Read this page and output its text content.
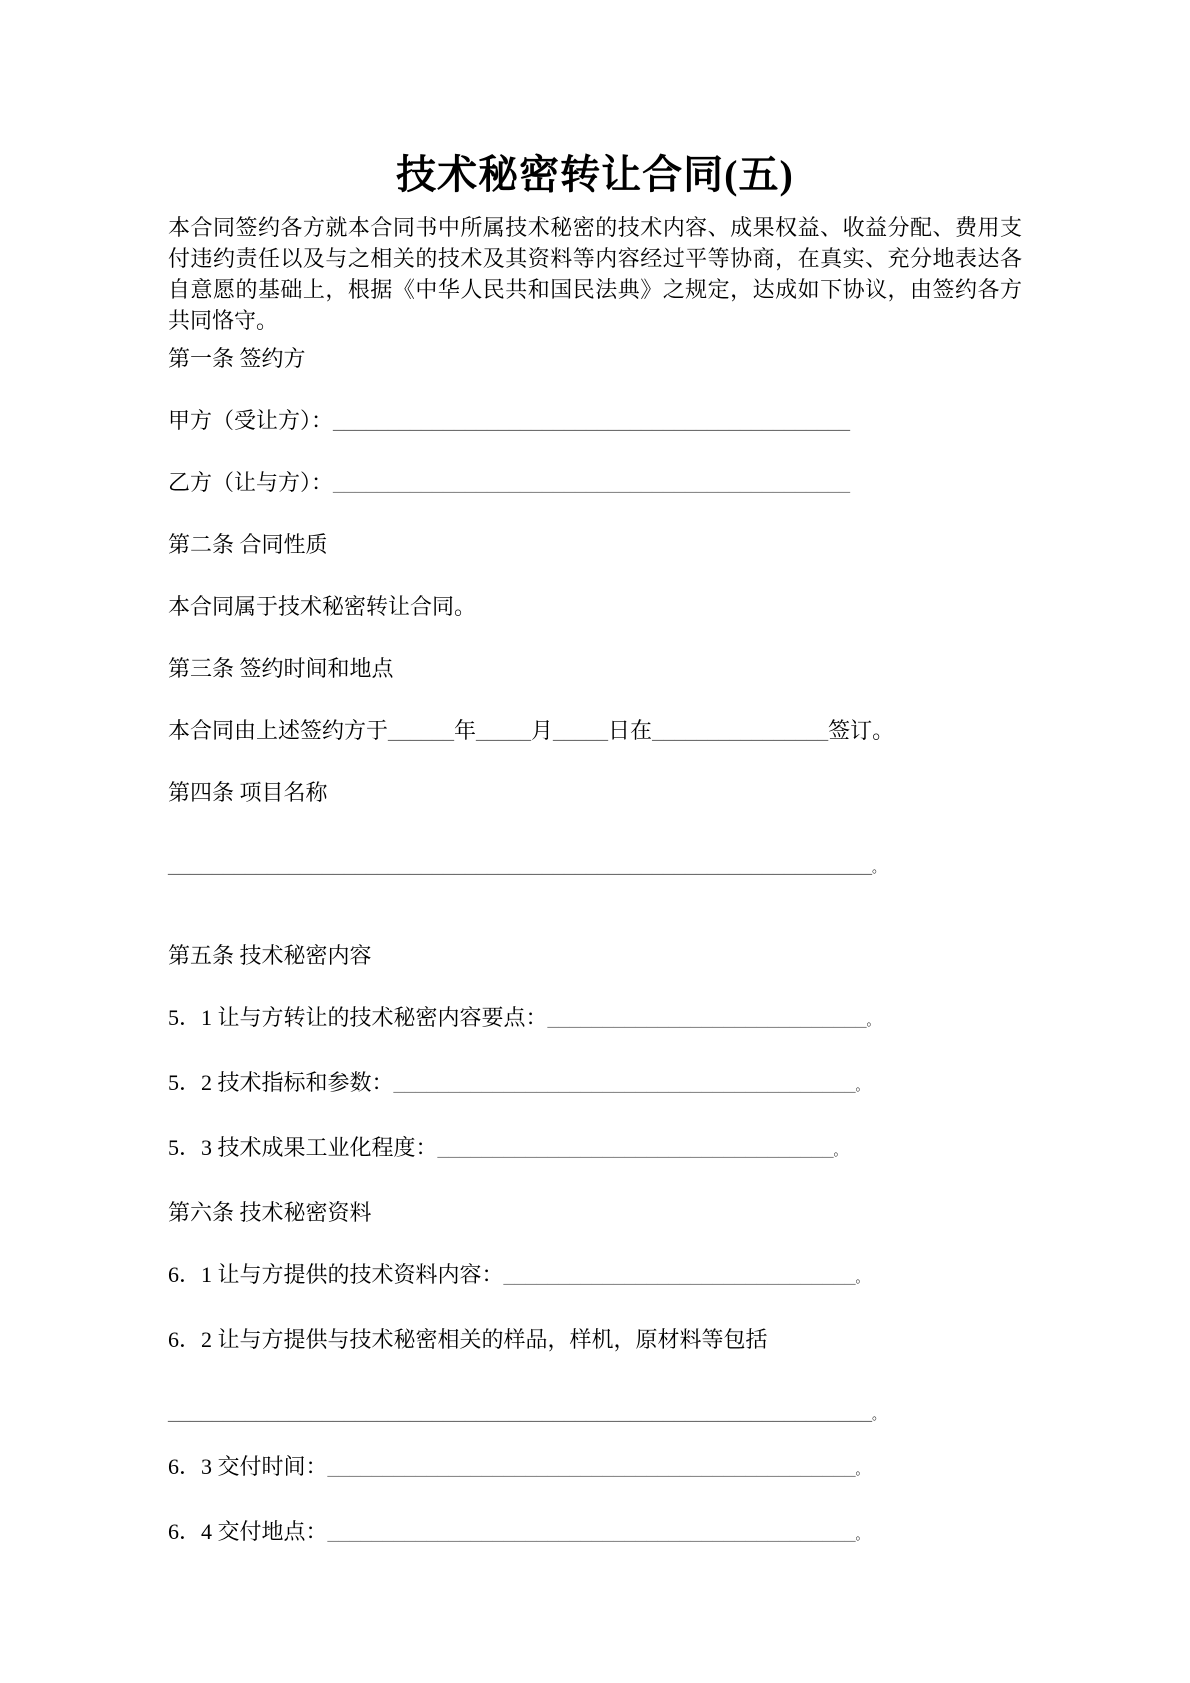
技术秘密转让合同(五)
本合同签约各方就本合同书中所属技术秘密的技术内容、成果权益、收益分配、费用支付违约责任以及与之相关的技术及其资料等内容经过平等协商，在真实、充分地表达各自意愿的基础上，根据《中华人民共和国民法典》之规定，达成如下协议，由签约各方共同恪守。
第一条 签约方
甲方（受让方）：_______________________________________________
乙方（让与方）：_______________________________________________
第二条 合同性质
本合同属于技术秘密转让合同。
第三条 签约时间和地点
本合同由上述签约方于______年_____月_____日在________________签订。
第四条 项目名称
________________________________________________________________。
第五条 技术秘密内容
5．1 让与方转让的技术秘密内容要点：_____________________________。
5．2 技术指标和参数：__________________________________________。
5．3 技术成果工业化程度：____________________________________。
第六条 技术秘密资料
6．1 让与方提供的技术资料内容：________________________________。
6．2 让与方提供与技术秘密相关的样品，样机，原材料等包括
________________________________________________________________。
6．3 交付时间：________________________________________________。
6．4 交付地点：________________________________________________。
